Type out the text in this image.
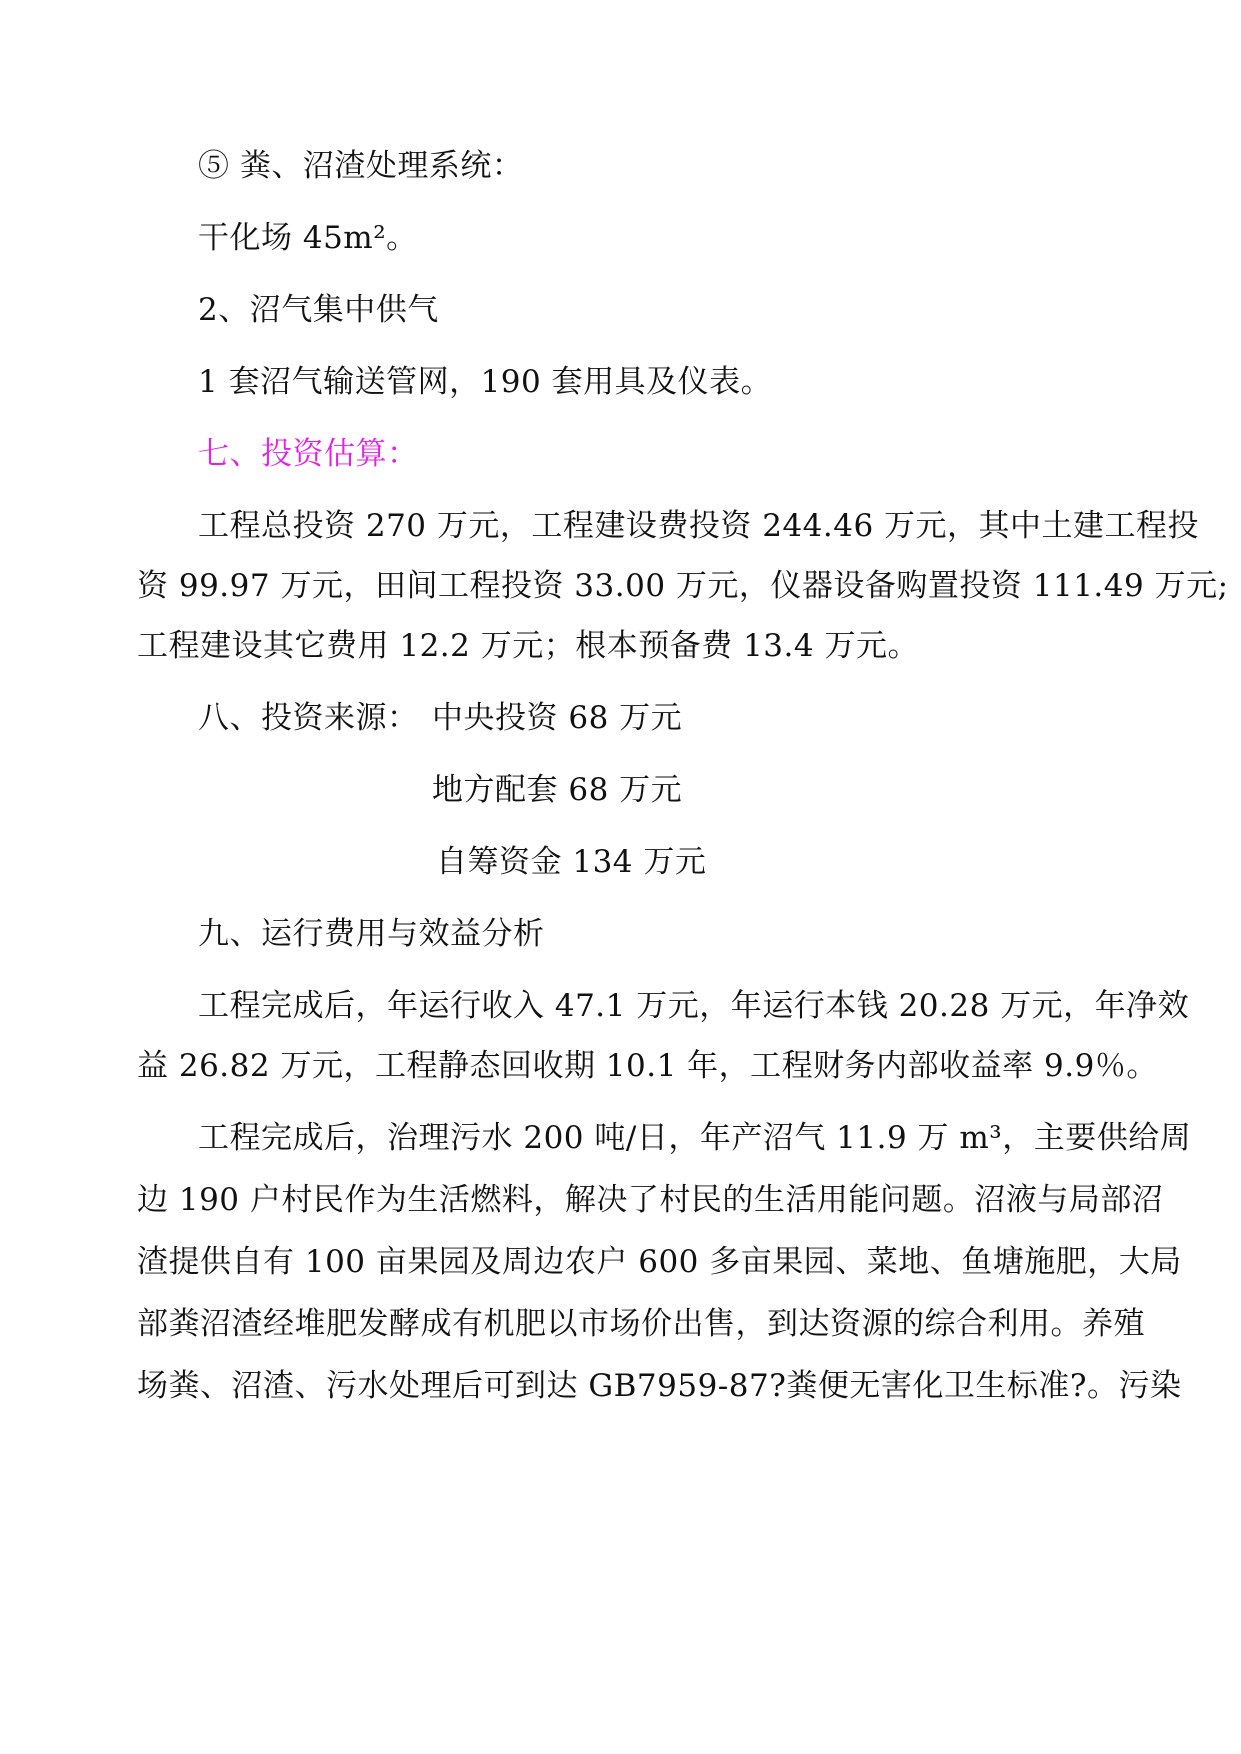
⑤ 粪、沼渣处理系统：
干化场 45m²。
2、沼气集中供气
1 套沼气输送管网，190 套用具及仪表。
七、投资估算：
工程总投资 270 万元，工程建设费投资 244.46 万元，其中土建工程投
资 99.97 万元，田间工程投资 33.00 万元，仪器设备购置投资 111.49 万元;
工程建设其它费用 12.2 万元；根本预备费 13.4 万元。
八、投资来源： 中央投资 68 万元
地方配套 68 万元
自筹资金 134 万元
九、运行费用与效益分析
工程完成后，年运行收入 47.1 万元，年运行本钱 20.28 万元，年净效
益 26.82 万元，工程静态回收期 10.1 年，工程财务内部收益率 9.9％。
工程完成后，治理污水 200 吨/日，年产沼气 11.9 万 m³，主要供给周
边 190 户村民作为生活燃料，解决了村民的生活用能问题。沼液与局部沼
渣提供自有 100 亩果园及周边农户 600 多亩果园、菜地、鱼塘施肥，大局
部粪沼渣经堆肥发酵成有机肥以市场价出售，到达资源的综合利用。养殖
场粪、沼渣、污水处理后可到达 GB7959-87?粪便无害化卫生标准?。污染
